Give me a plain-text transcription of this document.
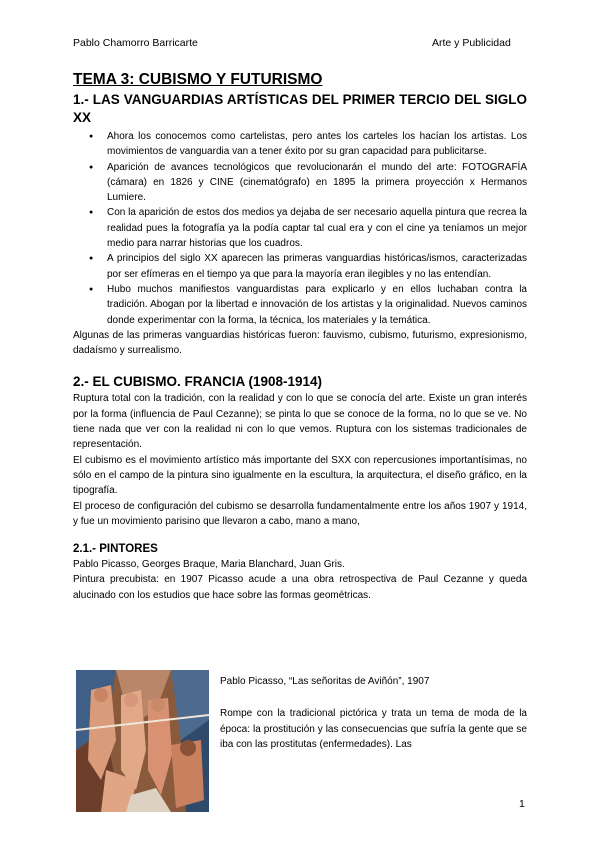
Pablo Chamorro Barricarte	Arte y Publicidad
TEMA 3: CUBISMO Y FUTURISMO
1.- LAS VANGUARDIAS ARTÍSTICAS DEL PRIMER TERCIO DEL SIGLO XX
● Ahora los conocemos como cartelistas, pero antes los carteles los hacían los artistas. Los movimientos de vanguardia van a tener éxito por su gran capacidad para publicitarse.
● Aparición de avances tecnológicos que revolucionarán el mundo del arte: FOTOGRAFÍA (cámara) en 1826 y CINE (cinematógrafo) en 1895 la primera proyección x Hermanos Lumiere.
● Con la aparición de estos dos medios ya dejaba de ser necesario aquella pintura que recrea la realidad pues la fotografía ya la podía captar tal cual era y con el cine ya teníamos un mejor medio para narrar historias que los cuadros.
● A principios del siglo XX aparecen las primeras vanguardias históricas/ismos, caracterizadas por ser efímeras en el tiempo ya que para la mayoría eran ilegibles y no las entendían.
● Hubo muchos manifiestos vanguardistas para explicarlo y en ellos luchaban contra la tradición. Abogan por la libertad e innovación de los artistas y la originalidad. Nuevos caminos donde experimentar con la forma, la técnica, los materiales y la temática.

Algunas de las primeras vanguardias históricas fueron: fauvismo, cubismo, futurismo, expresionismo, dadaísmo y surrealismo.

2.- EL CUBISMO. FRANCIA (1908-1914)

Ruptura total con la tradición, con la realidad y con lo que se conocía del arte. Existe un gran interés por la forma (influencia de Paul Cezanne); se pinta lo que se conoce de la forma, no lo que se ve. No tiene nada que ver con la realidad ni con lo que vemos. Ruptura con los sistemas tradicionales de representación.

El cubismo es el movimiento artístico más importante del SXX con repercusiones importantísimas, no sólo en el campo de la pintura sino igualmente en la escultura, la arquitectura, el diseño gráfico, en la tipografía.

El proceso de configuración del cubismo se desarrolla fundamentalmente entre los años 1907 y 1914, y fue un movimiento parisino que llevaron a cabo, mano a mano,

2.1.- PINTORES

Pablo Picasso, Georges Braque, Maria Blanchard, Juan Gris.

Pintura precubista: en 1907 Picasso acude a una obra retrospectiva de Paul Cezanne y queda alucinado con los estudios que hace sobre las formas geométricas.

Pablo Picasso, “Las señoritas de Aviñón”, 1907

Rompe con la tradicional pictórica y trata un tema de moda de la época: la prostitución y las consecuencias que sufría la gente que se iba con las prostitutas (enfermedades). Las

1
